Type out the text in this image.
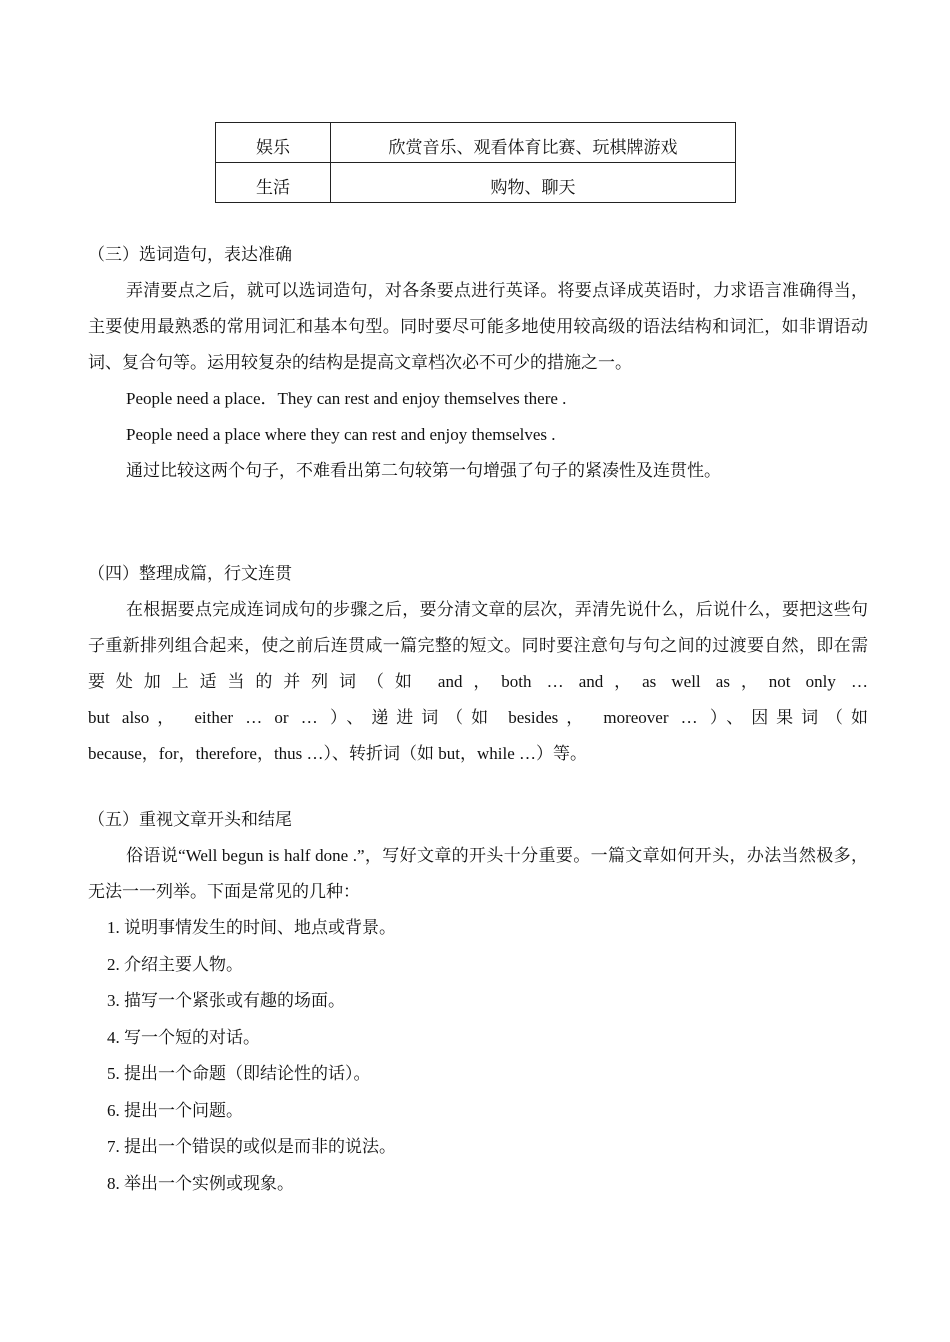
娱乐	欣赏音乐、观看体育比赛、玩棋牌游戏
生活	购物、聊天
（三）选词造句，表达准确

弄清要点之后，就可以选词造句，对各条要点进行英译。将要点译成英语时，力求语言准确得当，主要使用最熟悉的常用词汇和基本句型。同时要尽可能多地使用较高级的语法结构和词汇，如非谓语动词、复合句等。运用较复杂的结构是提高文章档次必不可少的措施之一。

People need a place．They can rest and enjoy themselves there .

People need a place where they can rest and enjoy themselves .

通过比较这两个句子，不难看出第二句较第一句增强了句子的紧凑性及连贯性。

（四）整理成篇，行文连贯

在根据要点完成连词成句的步骤之后，要分清文章的层次，弄清先说什么，后说什么，要把这些句子重新排列组合起来，使之前后连贯咸一篇完整的短文。同时要注意句与句之间的过渡要自然，即在需要处加上适当的并列词（如 and，both … and，as well as，not only …

but also， either … or … ）、递进词（如 besides， moreover … ）、因果词（如

because，for，therefore，thus …）、转折词（如 but，while …）等。

（五）重视文章开头和结尾

俗语说“Well begun is half done .”，写好文章的开头十分重要。一篇文章如何开头，办法当然极多，无法一一列举。下面是常见的几种：

1. 说明事情发生的时间、地点或背景。
2. 介绍主要人物。
3. 描写一个紧张或有趣的场面。
4. 写一个短的对话。
5. 提出一个命题（即结论性的话）。
6. 提出一个问题。
7. 提出一个错误的或似是而非的说法。
8. 举出一个实例或现象。
